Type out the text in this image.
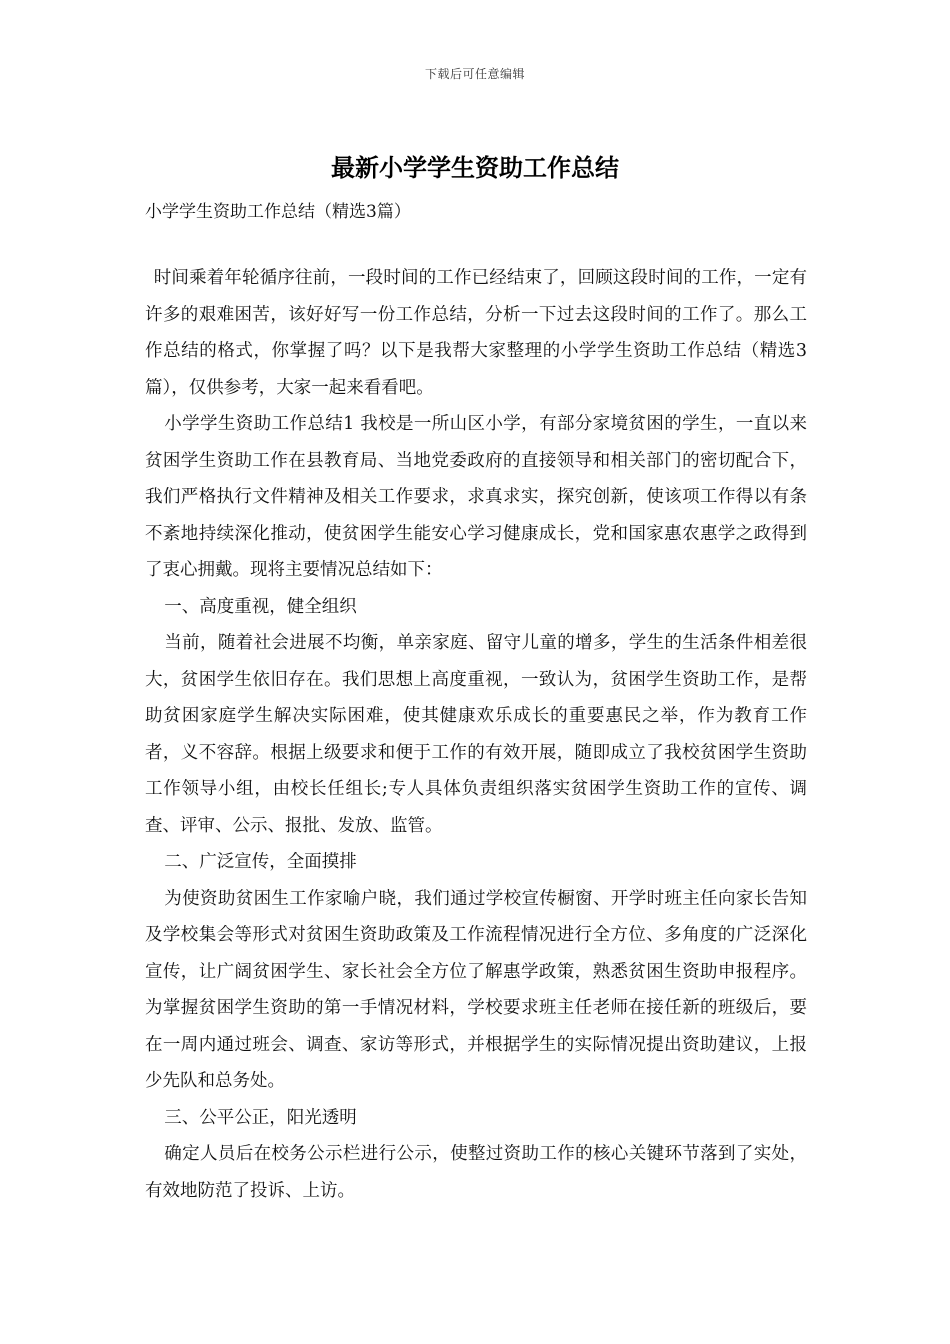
下载后可任意编辑
最新小学学生资助工作总结
小学学生资助工作总结（精选3篇）

时间乘着年轮循序往前，一段时间的工作已经结束了，回顾这段时间的工作，一定有许多的艰难困苦，该好好写一份工作总结，分析一下过去这段时间的工作了。那么工作总结的格式，你掌握了吗？以下是我帮大家整理的小学学生资助工作总结（精选3篇），仅供参考，大家一起来看看吧。

小学学生资助工作总结1 我校是一所山区小学，有部分家境贫困的学生，一直以来贫困学生资助工作在县教育局、当地党委政府的直接领导和相关部门的密切配合下，我们严格执行文件精神及相关工作要求，求真求实，探究创新，使该项工作得以有条不紊地持续深化推动，使贫困学生能安心学习健康成长，党和国家惠农惠学之政得到了衷心拥戴。现将主要情况总结如下：

一、高度重视，健全组织

当前，随着社会进展不均衡，单亲家庭、留守儿童的增多，学生的生活条件相差很大，贫困学生依旧存在。我们思想上高度重视，一致认为，贫困学生资助工作，是帮助贫困家庭学生解决实际困难，使其健康欢乐成长的重要惠民之举，作为教育工作者，义不容辞。根据上级要求和便于工作的有效开展，随即成立了我校贫困学生资助工作领导小组，由校长任组长;专人具体负责组织落实贫困学生资助工作的宣传、调查、评审、公示、报批、发放、监管。

二、广泛宣传，全面摸排

为使资助贫困生工作家喻户晓，我们通过学校宣传橱窗、开学时班主任向家长告知及学校集会等形式对贫困生资助政策及工作流程情况进行全方位、多角度的广泛深化宣传，让广阔贫困学生、家长社会全方位了解惠学政策，熟悉贫困生资助申报程序。为掌握贫困学生资助的第一手情况材料，学校要求班主任老师在接任新的班级后，要在一周内通过班会、调查、家访等形式，并根据学生的实际情况提出资助建议，上报少先队和总务处。

三、公平公正，阳光透明

确定人员后在校务公示栏进行公示，使整过资助工作的核心关键环节落到了实处，有效地防范了投诉、上访。
